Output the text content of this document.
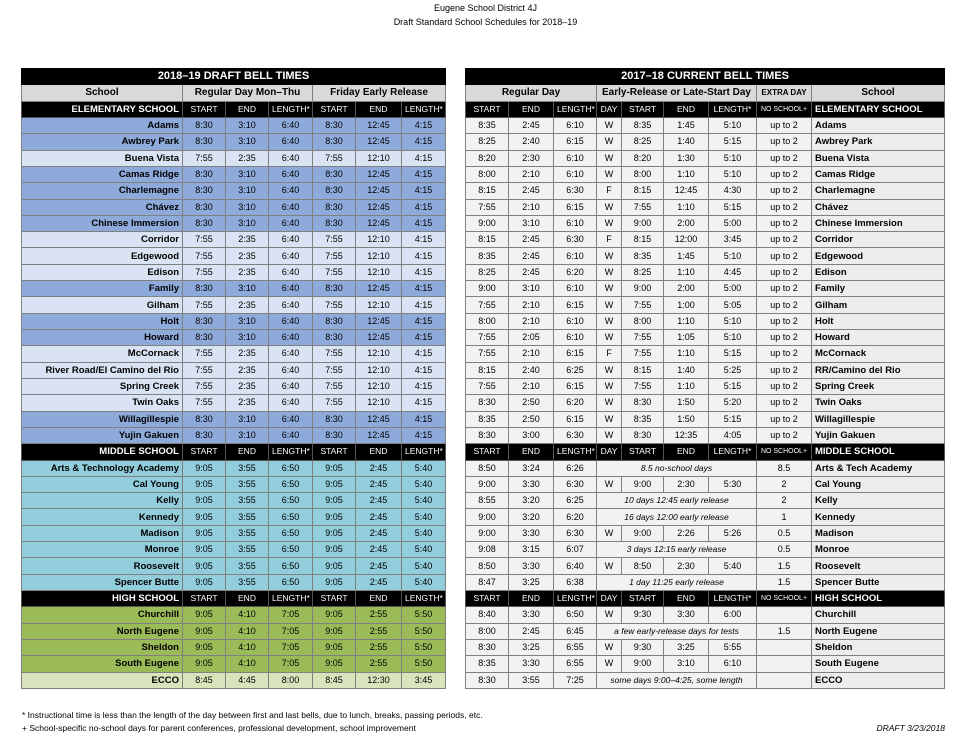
Eugene School District 4J
Draft Standard School Schedules for 2018–19
2018–19 DRAFT BELL TIMES						
School	Regular Day Mon–Thu			Friday Early Release		
ELEMENTARY SCHOOL	START	END	LENGTH*	START	END	LENGTH*
Adams	8:30	3:10	6:40	8:30	12:45	4:15
Awbrey Park	8:30	3:10	6:40	8:30	12:45	4:15
Buena Vista	7:55	2:35	6:40	7:55	12:10	4:15
Camas Ridge	8:30	3:10	6:40	8:30	12:45	4:15
Charlemagne	8:30	3:10	6:40	8:30	12:45	4:15
Chávez	8:30	3:10	6:40	8:30	12:45	4:15
Chinese Immersion	8:30	3:10	6:40	8:30	12:45	4:15
Corridor	7:55	2:35	6:40	7:55	12:10	4:15
Edgewood	7:55	2:35	6:40	7:55	12:10	4:15
Edison	7:55	2:35	6:40	7:55	12:10	4:15
Family	8:30	3:10	6:40	8:30	12:45	4:15
Gilham	7:55	2:35	6:40	7:55	12:10	4:15
Holt	8:30	3:10	6:40	8:30	12:45	4:15
Howard	8:30	3:10	6:40	8:30	12:45	4:15
McCornack	7:55	2:35	6:40	7:55	12:10	4:15
River Road/El Camino del Rio	7:55	2:35	6:40	7:55	12:10	4:15
Spring Creek	7:55	2:35	6:40	7:55	12:10	4:15
Twin Oaks	7:55	2:35	6:40	7:55	12:10	4:15
Willagillespie	8:30	3:10	6:40	8:30	12:45	4:15
Yujin Gakuen	8:30	3:10	6:40	8:30	12:45	4:15
MIDDLE SCHOOL	START	END	LENGTH*	START	END	LENGTH*
Arts & Technology Academy	9:05	3:55	6:50	9:05	2:45	5:40
Cal Young	9:05	3:55	6:50	9:05	2:45	5:40
Kelly	9:05	3:55	6:50	9:05	2:45	5:40
Kennedy	9:05	3:55	6:50	9:05	2:45	5:40
Madison	9:05	3:55	6:50	9:05	2:45	5:40
Monroe	9:05	3:55	6:50	9:05	2:45	5:40
Roosevelt	9:05	3:55	6:50	9:05	2:45	5:40
Spencer Butte	9:05	3:55	6:50	9:05	2:45	5:40
HIGH SCHOOL	START	END	LENGTH*	START	END	LENGTH*
Churchill	9:05	4:10	7:05	9:05	2:55	5:50
North Eugene	9:05	4:10	7:05	9:05	2:55	5:50
Sheldon	9:05	4:10	7:05	9:05	2:55	5:50
South Eugene	9:05	4:10	7:05	9:05	2:55	5:50
ECCO	8:45	4:45	8:00	8:45	12:30	3:45
2017–18 CURRENT BELL TIMES								
Regular Day			Early-Release or Late-Start Day				EXTRA DAY	School
START	END	LENGTH*	DAY	START	END	LENGTH*	NO SCHOOL+	ELEMENTARY SCHOOL
8:35	2:45	6:10	W	8:35	1:45	5:10	up to 2	Adams
8:25	2:40	6:15	W	8:25	1:40	5:15	up to 2	Awbrey Park
8:20	2:30	6:10	W	8:20	1:30	5:10	up to 2	Buena Vista
8:00	2:10	6:10	W	8:00	1:10	5:10	up to 2	Camas Ridge
8:15	2:45	6:30	F	8:15	12:45	4:30	up to 2	Charlemagne
7:55	2:10	6:15	W	7:55	1:10	5:15	up to 2	Chávez
9:00	3:10	6:10	W	9:00	2:00	5:00	up to 2	Chinese Immersion
8:15	2:45	6:30	F	8:15	12:00	3:45	up to 2	Corridor
8:35	2:45	6:10	W	8:35	1:45	5:10	up to 2	Edgewood
8:25	2:45	6:20	W	8:25	1:10	4:45	up to 2	Edison
9:00	3:10	6:10	W	9:00	2:00	5:00	up to 2	Family
7:55	2:10	6:15	W	7:55	1:00	5:05	up to 2	Gilham
8:00	2:10	6:10	W	8:00	1:10	5:10	up to 2	Holt
7:55	2:05	6:10	W	7:55	1:05	5:10	up to 2	Howard
7:55	2:10	6:15	F	7:55	1:10	5:15	up to 2	McCornack
8:15	2:40	6:25	W	8:15	1:40	5:25	up to 2	RR/Camino del Rio
7:55	2:10	6:15	W	7:55	1:10	5:15	up to 2	Spring Creek
8:30	2:50	6:20	W	8:30	1:50	5:20	up to 2	Twin Oaks
8:35	2:50	6:15	W	8:35	1:50	5:15	up to 2	Willagillespie
8:30	3:00	6:30	W	8:30	12:35	4:05	up to 2	Yujin Gakuen
START	END	LENGTH*	DAY	START	END	LENGTH*	NO SCHOOL+	MIDDLE SCHOOL
8:50	3:24	6:26	8.5 no-school days				8.5	Arts & Tech Academy
9:00	3:30	6:30	W	9:00	2:30	5:30	2	Cal Young
8:55	3:20	6:25	10 days 12:45 early release				2	Kelly
9:00	3:20	6:20	16 days 12:00 early release				1	Kennedy
9:00	3:30	6:30	W	9:00	2:26	5:26	0.5	Madison
9:08	3:15	6:07	3 days 12:15 early release				0.5	Monroe
8:50	3:30	6:40	W	8:50	2:30	5:40	1.5	Roosevelt
8:47	3:25	6:38	1 day 11:25 early release				1.5	Spencer Butte
START	END	LENGTH*	DAY	START	END	LENGTH*	NO SCHOOL+	HIGH SCHOOL
8:40	3:30	6:50	W	9:30	3:30	6:00		Churchill
8:00	2:45	6:45	a few early-release days for tests				1.5	North Eugene
8:30	3:25	6:55	W	9:30	3:25	5:55		Sheldon
8:35	3:30	6:55	W	9:00	3:10	6:10		South Eugene
8:30	3:55	7:25	some days 9:00–4:25, some length					ECCO
* Instructional time is less than the length of the day between first and last bells, due to lunch, breaks, passing periods, etc.
+ School-specific no-school days for parent conferences, professional development, school improvement	DRAFT 3/23/2018
